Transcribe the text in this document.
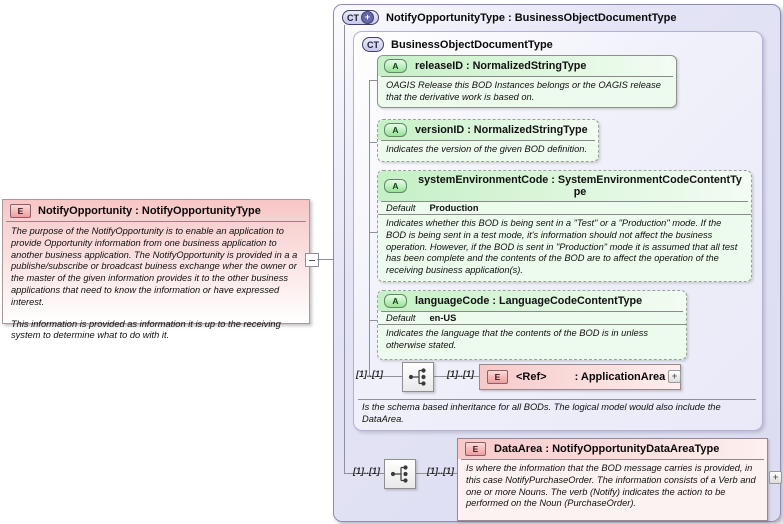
E	NotifyOpportunity : NotifyOpportunityType

The purpose of the NotifyOpportunity is to enable an application to provide Opportunity information from one business application to another business application. The NotifyOpportunity is provided in a a publishe/subscribe or broadcast buiness exchange wher the owner or the master of the given information provides it to the other business applications that need to know the information or have expressed interest.

This information is provided as information it is up to the receiving system to determine what to do with it.

CT +	NotifyOpportunityType : BusinessObjectDocumentType
CT BusinessObjectDocumentType
A	releaseID : NormalizedStringType
OAGIS Release this BOD Instances belongs or the OAGIS release that the derivative work is based on.
A	versionID : NormalizedStringType
Indicates the version of the given BOD definition.
A	systemEnvironmentCode : SystemEnvironmentCodeContentType
Default Production
Indicates whether this BOD is being sent in a "Test" or a "Production" mode. If the BOD is being sent in a test mode, it's information should not affect the business operation. However, if the BOD is sent in "Production" mode it is assumed that all test has been complete and the contents of the BOD are to affect the operation of the receiving business application(s).
A	languageCode : LanguageCodeContentType
Default en-US
Indicates the language that the contents of the BOD is in unless otherwise stated.
[1]..[1]	[1]..[1]	E	<Ref>	: ApplicationArea +
Is the schema based inheritance for all BODs. The logical model would also include the DataArea.
[1]..[1]	[1]..[1]
E	DataArea : NotifyOpportunityDataAreaType
Is where the information that the BOD message carries is provided, in this case NotifyPurchaseOrder. The information consists of a Verb and one or more Nouns. The verb (Notify) indicates the action to be performed on the Noun (PurchaseOrder).
+
